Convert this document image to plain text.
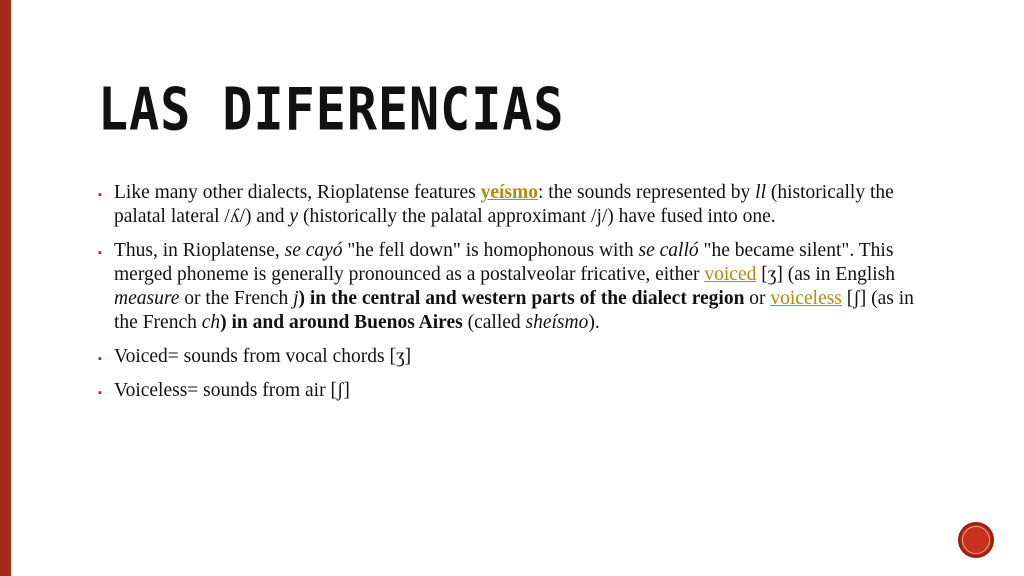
LAS DIFERENCIAS
▪ Like many other dialects, Rioplatense features yeísmo: the sounds represented by ll (historically the palatal lateral /ʎ/) and y (historically the palatal approximant /j/) have fused into one.
▪ Thus, in Rioplatense, se cayó "he fell down" is homophonous with se calló "he became silent". This merged phoneme is generally pronounced as a postalveolar fricative, either voiced [ʒ] (as in English measure or the French j) in the central and western parts of the dialect region or voiceless [ʃ] (as in the French ch) in and around Buenos Aires (called sheísmo).
▪ Voiced= sounds from vocal chords [ʒ]
▪ Voiceless= sounds from air [ʃ]
